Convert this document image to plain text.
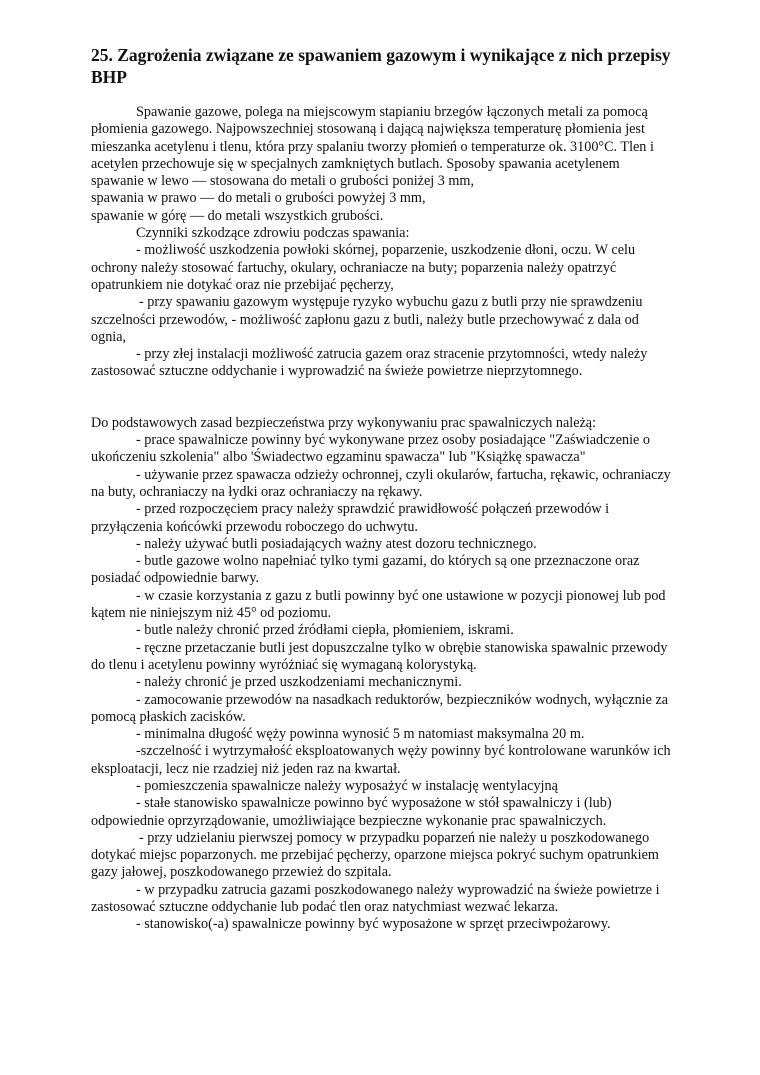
25. Zagrożenia związane ze spawaniem gazowym i wynikające z nich przepisy
BHP
Spawanie gazowe, polega na miejscowym stapianiu brzegów łączonych metali za pomocą
płomienia gazowego. Najpowszechniej stosowaną i dającą największa temperaturę płomienia jest
mieszanka acetylenu i tlenu, która przy spalaniu tworzy płomień o temperaturze ok. 3100°C. Tlen i
acetylen przechowuje się w specjalnych zamkniętych butlach. Sposoby spawania acetylenem
spawanie w lewo — stosowana do metali o grubości poniżej 3 mm,
spawania w prawo — do metali o grubości powyżej 3 mm,
spawanie w górę — do metali wszystkich grubości.
Czynniki szkodzące zdrowiu podczas spawania:
- możliwość uszkodzenia powłoki skórnej, poparzenie, uszkodzenie dłoni, oczu. W celu
ochrony należy stosować fartuchy, okulary, ochraniacze na buty; poparzenia należy opatrzyć
opatrunkiem nie dotykać oraz nie przebijać pęcherzy,
- przy spawaniu gazowym występuje ryzyko wybuchu gazu z butli przy nie sprawdzeniu
szczelności przewodów, - możliwość zapłonu gazu z butli, należy butle przechowywać z dala od
ognia,
- przy złej instalacji możliwość zatrucia gazem oraz stracenie przytomności, wtedy należy
zastosować sztuczne oddychanie i wyprowadzić na świeże powietrze nieprzytomnego.
Do podstawowych zasad bezpieczeństwa przy wykonywaniu prac spawalniczych należą:
- prace spawalnicze powinny być wykonywane przez osoby posiadające "Zaświadczenie o
ukończeniu szkolenia" albo 'Świadectwo egzaminu spawacza" lub "Książkę spawacza"
- używanie przez spawacza odzieży ochronnej, czyli okularów, fartucha, rękawic, ochraniaczy
na buty, ochraniaczy na łydki oraz ochraniaczy na rękawy.
- przed rozpoczęciem pracy należy sprawdzić prawidłowość połączeń przewodów i
przyłączenia końcówki przewodu roboczego do uchwytu.
- należy używać butli posiadających ważny atest dozoru technicznego.
- butle gazowe wolno napełniać tylko tymi gazami, do których są one przeznaczone oraz
posiadać odpowiednie barwy.
- w czasie korzystania z gazu z butli powinny być one ustawione w pozycji pionowej lub pod
kątem nie niniejszym niż 45° od poziomu.
- butle należy chronić przed źródłami ciepła, płomieniem, iskrami.
- ręczne przetaczanie butli jest dopuszczalne tylko w obrębie stanowiska spawalnic przewody
do tlenu i acetylenu powinny wyróżniać się wymaganą kolorystyką.
- należy chronić je przed uszkodzeniami mechanicznymi.
- zamocowanie przewodów na nasadkach reduktorów, bezpieczników wodnych, wyłącznie za
pomocą płaskich zacisków.
- minimalna długość węży powinna wynosić 5 m natomiast maksymalna 20 m.
-szczelność i wytrzymałość eksploatowanych węży powinny być kontrolowane warunków ich
eksploatacji, lecz nie rzadziej niż jeden raz na kwartał.
- pomieszczenia spawalnicze należy wyposażyć w instalację wentylacyjną
- stałe stanowisko spawalnicze powinno być wyposażone w stół spawalniczy i (lub)
odpowiednie oprzyrządowanie, umożliwiające bezpieczne wykonanie prac spawalniczych.
- przy udzielaniu pierwszej pomocy w przypadku poparzeń nie należy u poszkodowanego
dotykać miejsc poparzonych. me przebijać pęcherzy, oparzone miejsca pokryć suchym opatrunkiem
gazy jałowej, poszkodowanego przewież do szpitala.
- w przypadku zatrucia gazami poszkodowanego należy wyprowadzić na świeże powietrze i
zastosować sztuczne oddychanie lub podać tlen oraz natychmiast wezwać lekarza.
- stanowisko(-a) spawalnicze powinny być wyposażone w sprzęt przeciwpożarowy.
